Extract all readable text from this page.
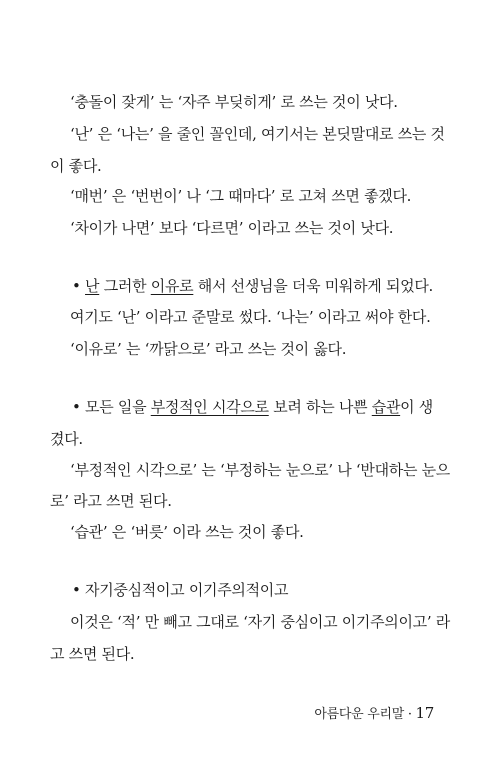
‘충돌이 잦게’ 는 ‘자주 부딪히게’ 로 쓰는 것이 낫다.
‘난’ 은 ‘나는’ 을 줄인 꼴인데, 여기서는 본딧말대로 쓰는 것
이 좋다.
‘매번’ 은 ‘번번이’ 나 ‘그 때마다’ 로 고쳐 쓰면 좋겠다.
‘차이가 나면’ 보다 ‘다르면’ 이라고 쓰는 것이 낫다.
• 난 그러한 이유로 해서 선생님을 더욱 미워하게 되었다.
여기도 ‘난’ 이라고 준말로 썼다. ‘나는’ 이라고 써야 한다.
‘이유로’ 는 ‘까닭으로’ 라고 쓰는 것이 옳다.
• 모든 일을 부정적인 시각으로 보려 하는 나쁜 습관이 생
겼다.
‘부정적인 시각으로’ 는 ‘부정하는 눈으로’ 나 ‘반대하는 눈으
로’ 라고 쓰면 된다.
‘습관’ 은 ‘버릇’ 이라 쓰는 것이 좋다.
• 자기중심적이고 이기주의적이고
이것은 ‘적’ 만 빼고 그대로 ‘자기 중심이고 이기주의이고’ 라
고 쓰면 된다.
아름다운 우리말 · 17
